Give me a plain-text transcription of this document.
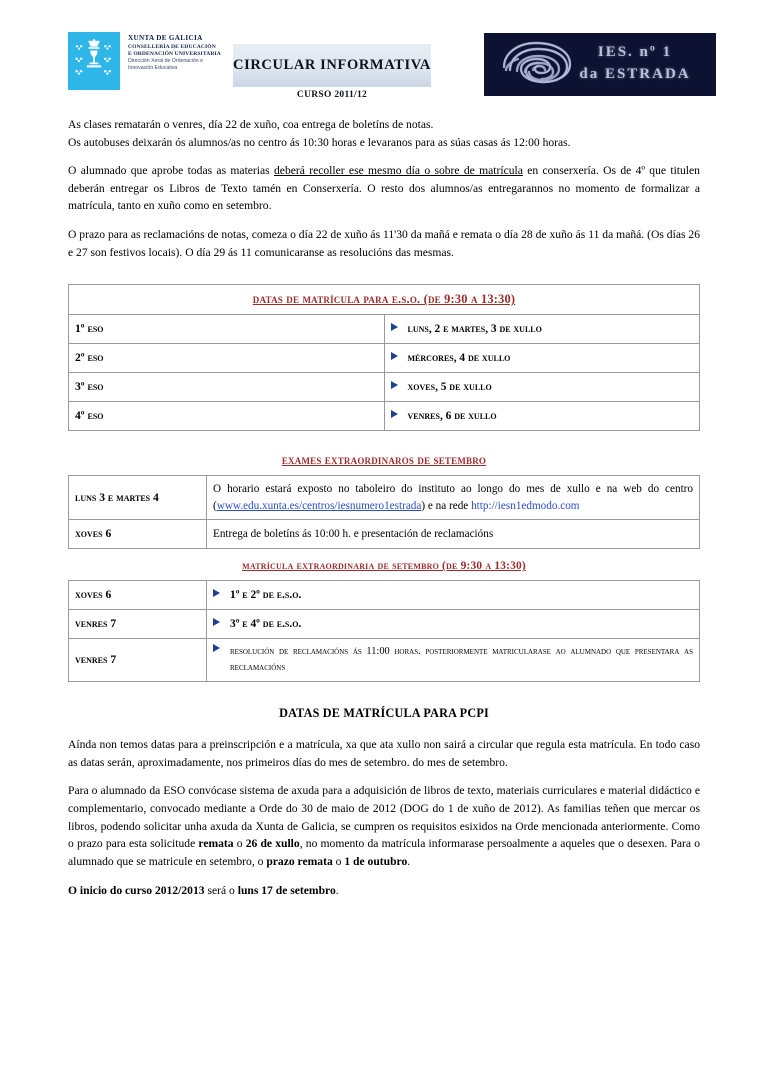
XUNTA DE GALICIA
CONSELLERÍA DE EDUCACIÓN
E ORDENACIÓN UNIVERSITARIA
Dirección Xeral de Ordenación e
Innovación Educativa	CIRCULAR INFORMATIVA
CURSO 2011/12
IES. nº 1
da ESTRADA

As clases rematarán o venres, día 22 de xuño, coa entrega de boletíns de notas.

Os autobuses deixarán ós alumnos/as no centro ás 10:30 horas e levaranos para as súas casas ás 12:00 horas.

O alumnado que aprobe todas as materias deberá recoller ese mesmo día o sobre de matrícula en conserxería. Os de 4º que titulen deberán entregar os Libros de Texto tamén en Conserxería. O resto dos alumnos/as entregarannos no momento de formalizar a matrícula, tanto en xuño como en setembro.

O prazo para as reclamacións de notas, comeza o día 22 de xuño ás 11'30 da mañá e remata o día 28 de xuño ás 11 da mañá. (Os días 26 e 27 son festivos locais). O día 29 ás 11 comunicaranse as resolucións das mesmas.

datas de matrícula para e.s.o. (de 9:30 a 13:30)	
1º eso	luns, 2 e martes, 3 de xullo
2º eso	mércores, 4 de xullo
3º eso	xoves, 5 de xullo
4º eso	venres, 6 de xullo
exames extraordinaros de setembro
luns 3 e martes 4	O horario estará exposto no taboleiro do instituto ao longo do mes de xullo e na web do centro (www.edu.xunta.es/centros/iesnumero1estrada) e na rede http://iesn1edmodo.com
xoves 6	Entrega de boletíns ás 10:00 h. e presentación de reclamacións
matrícula extraordinaria de setembro (de 9:30 a 13:30)
xoves 6	1º e 2º de e.s.o.
venres 7	3º e 4º de e.s.o.
venres 7	resolución de reclamacións ás 11:00 horas. posteriormente matricularase ao alumnado que presentara as reclamacións
DATAS DE MATRÍCULA PARA PCPI

Aínda non temos datas para a preinscripción e a matrícula, xa que ata xullo non sairá a circular que regula esta matrícula. En todo caso as datas serán, aproximadamente, nos primeiros días do mes de setembro. do mes de setembro.

Para o alumnado da ESO convócase sistema de axuda para a adquisición de libros de texto, materiais curriculares e material didáctico e complementario, convocado mediante a Orde do 30 de maio de 2012 (DOG do 1 de xuño de 2012). As familias teñen que mercar os libros, podendo solicitar unha axuda da Xunta de Galicia, se cumpren os requisitos esixidos na Orde mencionada anteriormente. Como o prazo para esta solicitude remata o 26 de xullo, no momento da matrícula informarase persoalmente a aqueles que o desexen. Para o alumnado que se matricule en setembro, o prazo remata o 1 de outubro.

O inicio do curso 2012/2013 será o luns 17 de setembro.
